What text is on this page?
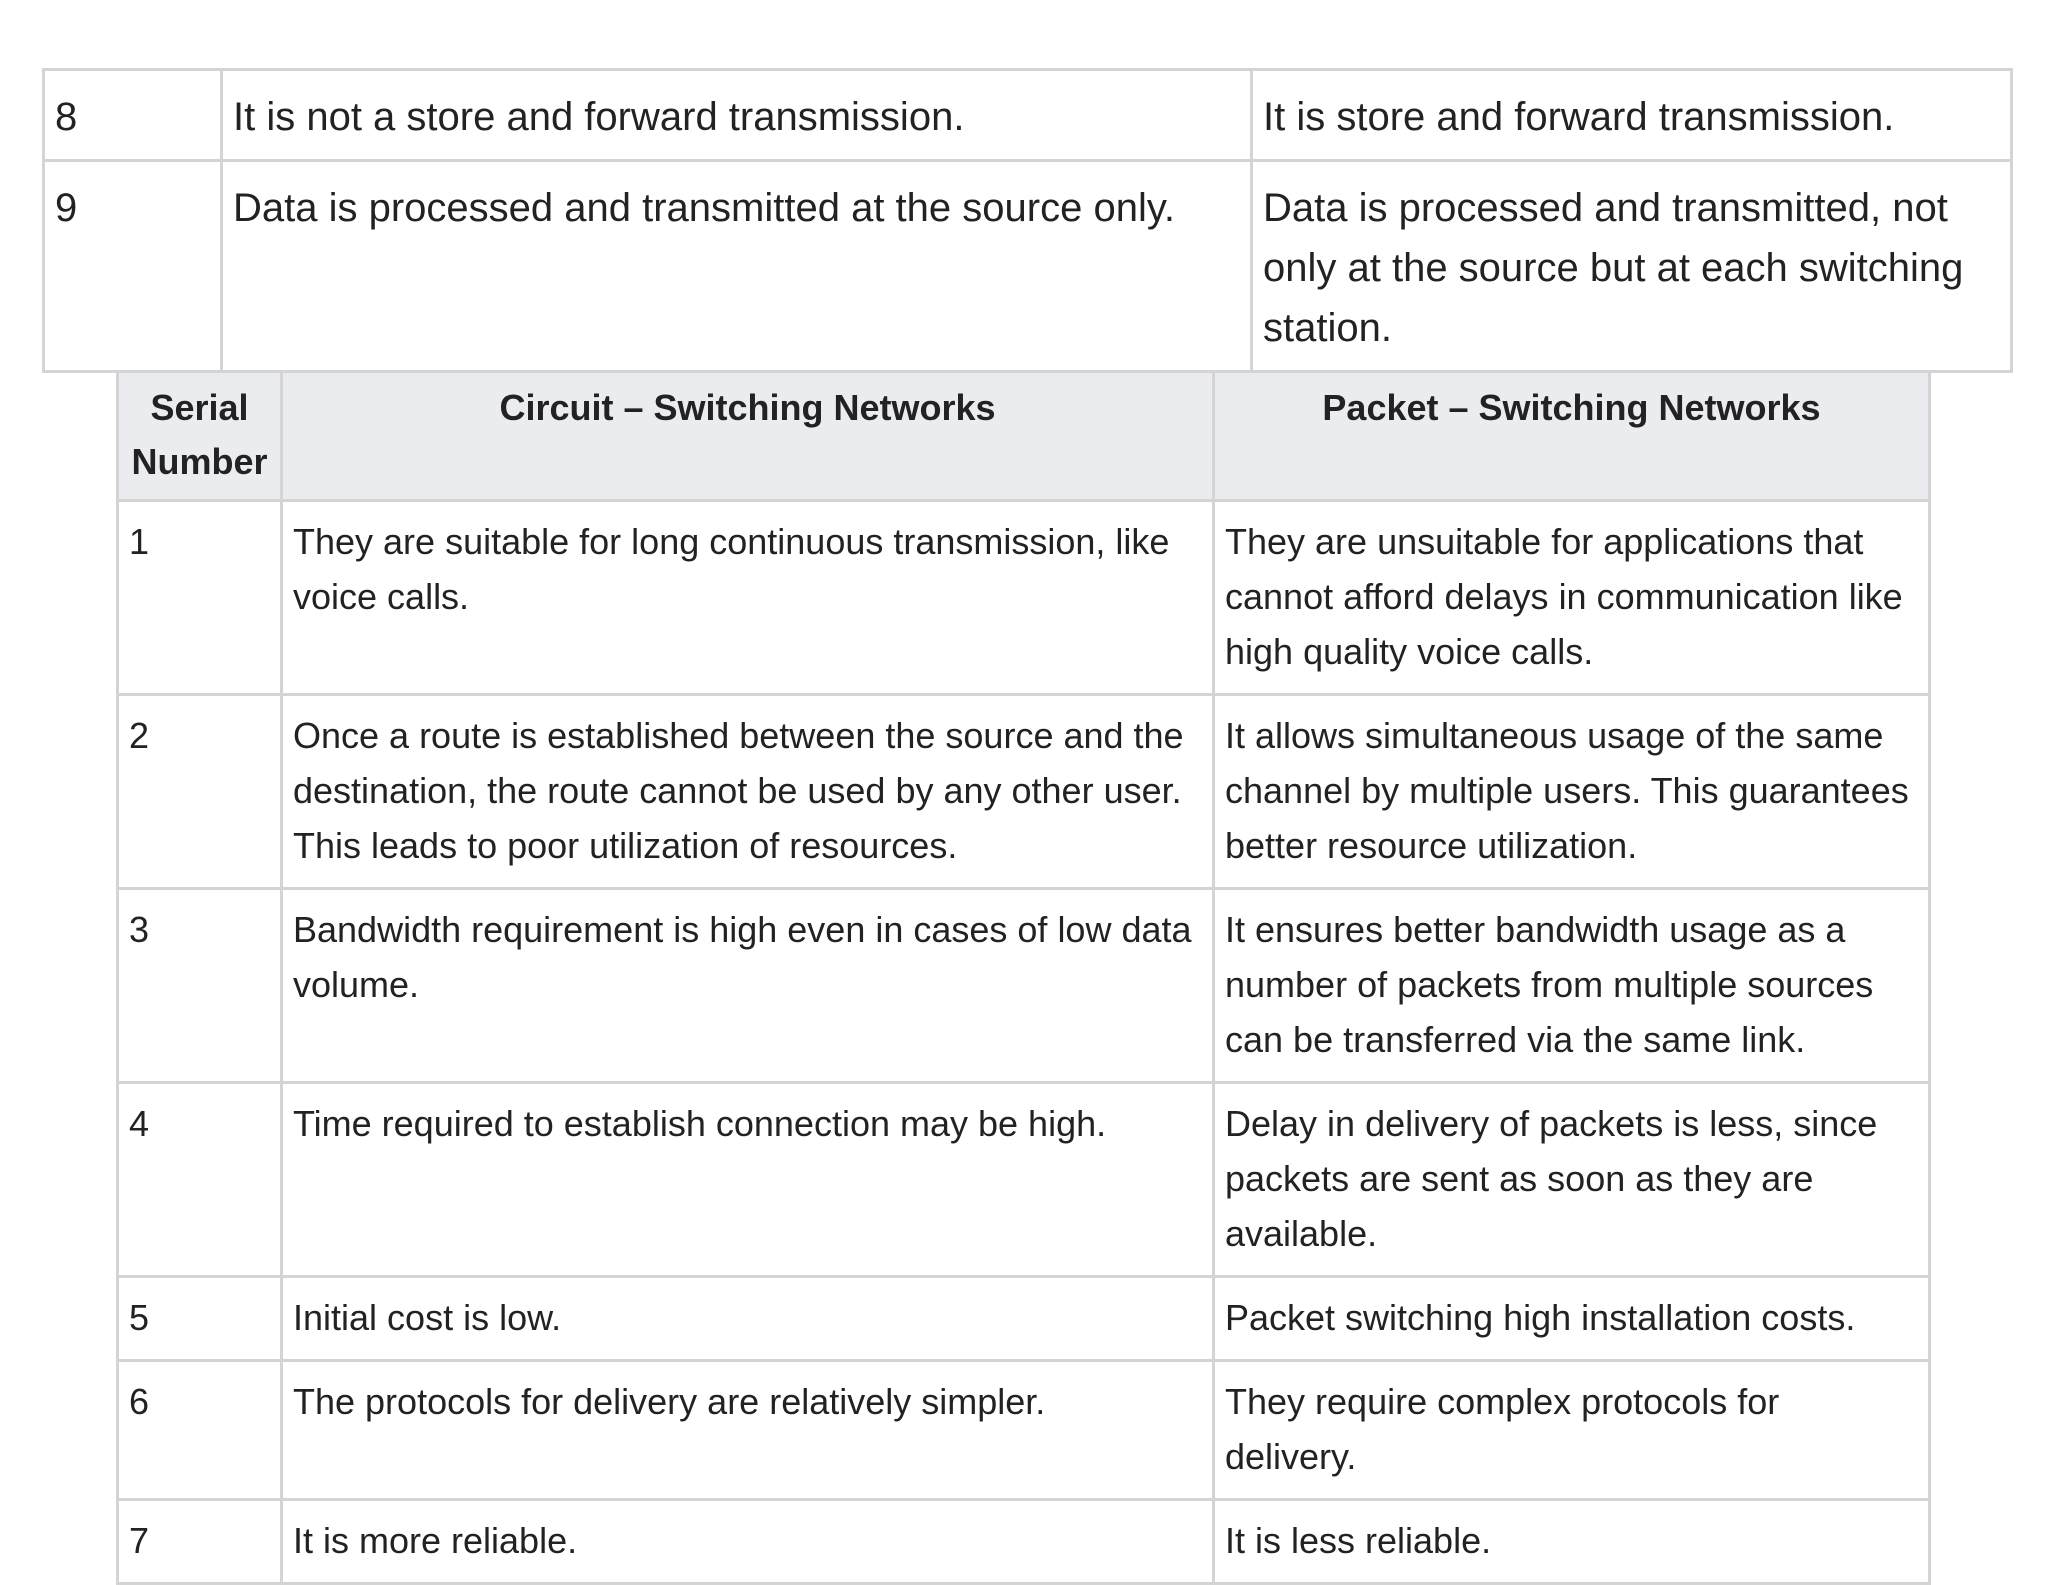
8	It is not a store and forward transmission.	It is store and forward transmission.
9	Data is processed and transmitted at the source only.	Data is processed and transmitted, not only at the source but at each switching station.
Serial Number	Circuit – Switching Networks	Packet – Switching Networks
1	They are suitable for long continuous transmission, like voice calls.	They are unsuitable for applications that cannot afford delays in communication like high quality voice calls.
2	Once a route is established between the source and the destination, the route cannot be used by any other user. This leads to poor utilization of resources.	It allows simultaneous usage of the same channel by multiple users. This guarantees better resource utilization.
3	Bandwidth requirement is high even in cases of low data volume.	It ensures better bandwidth usage as a number of packets from multiple sources can be transferred via the same link.
4	Time required to establish connection may be high.	Delay in delivery of packets is less, since packets are sent as soon as they are available.
5	Initial cost is low.	Packet switching high installation costs.
6	The protocols for delivery are relatively simpler.	They require complex protocols for delivery.
7	It is more reliable.	It is less reliable.
